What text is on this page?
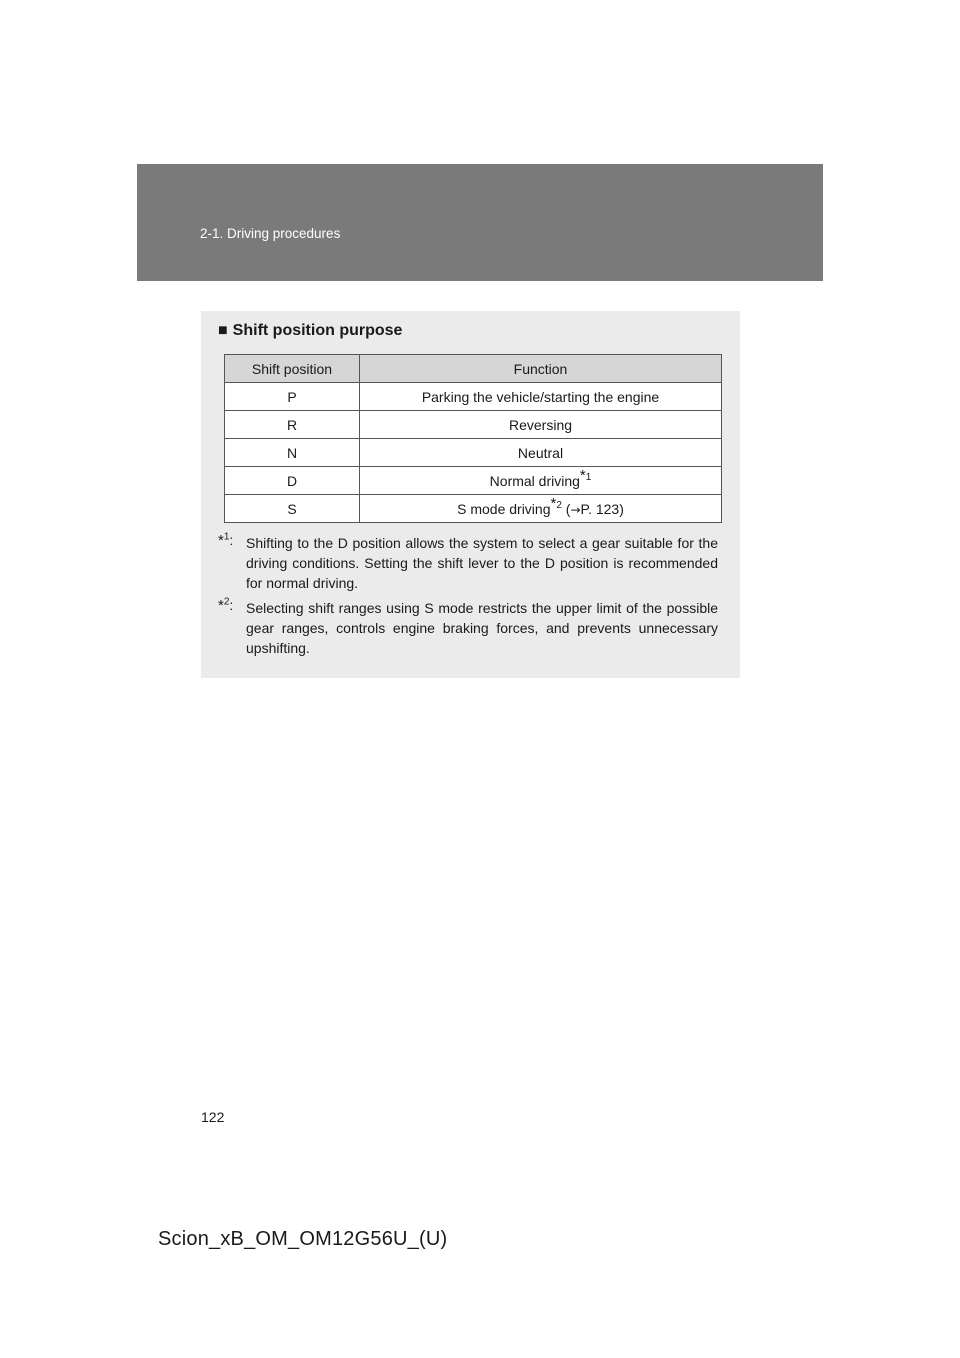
2-1. Driving procedures
■ Shift position purpose
Shift position	Function
P	Parking the vehicle/starting the engine
R	Reversing
N	Neutral
D	Normal driving$^{*1}$
S	S mode driving$^{*2}$ (→P. 123)
*$^1$: Shifting to the D position allows the system to select a gear suitable for the driving conditions. Setting the shift lever to the D position is recommended for normal driving.
*$^2$: Selecting shift ranges using S mode restricts the upper limit of the possible gear ranges, controls engine braking forces, and prevents unnecessary upshifting.
122
Scion_xB_OM_OM12G56U_(U)
